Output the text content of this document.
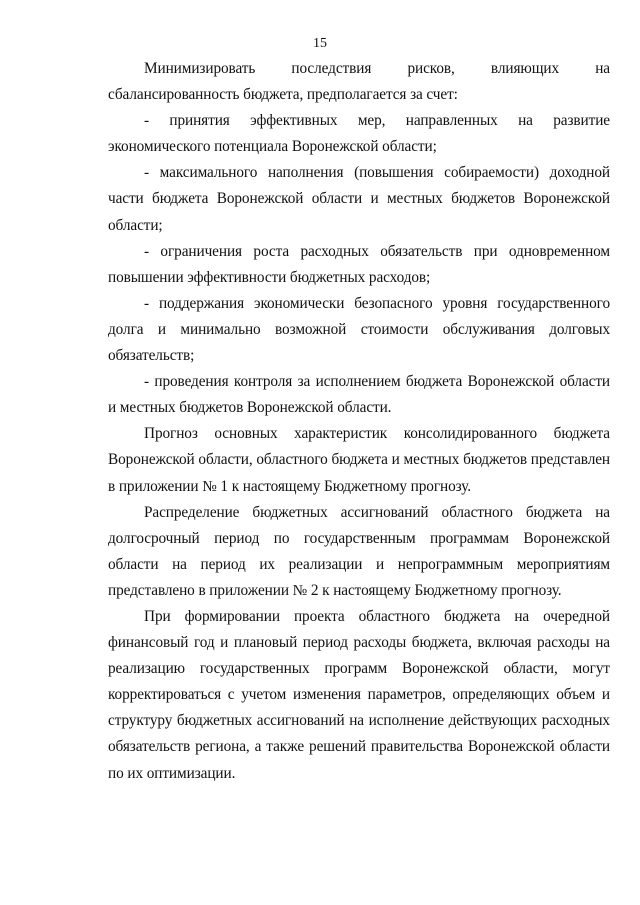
15

Минимизировать последствия рисков, влияющих на сбалансированность бюджета, предполагается за счет:

- принятия эффективных мер, направленных на развитие экономического потенциала Воронежской области;

- максимального наполнения (повышения собираемости) доходной части бюджета Воронежской области и местных бюджетов Воронежской области;

- ограничения роста расходных обязательств при одновременном повышении эффективности бюджетных расходов;

- поддержания экономически безопасного уровня государственного долга и минимально возможной стоимости обслуживания долговых обязательств;

- проведения контроля за исполнением бюджета Воронежской области и местных бюджетов Воронежской области.

Прогноз основных характеристик консолидированного бюджета Воронежской области, областного бюджета и местных бюджетов представлен в приложении № 1 к настоящему Бюджетному прогнозу.

Распределение бюджетных ассигнований областного бюджета на долгосрочный период по государственным программам Воронежской области на период их реализации и непрограммным мероприятиям представлено в приложении № 2 к настоящему Бюджетному прогнозу.

При формировании проекта областного бюджета на очередной финансовый год и плановый период расходы бюджета, включая расходы на реализацию государственных программ Воронежской области, могут корректироваться с учетом изменения параметров, определяющих объем и структуру бюджетных ассигнований на исполнение действующих расходных обязательств региона, а также решений правительства Воронежской области по их оптимизации.
